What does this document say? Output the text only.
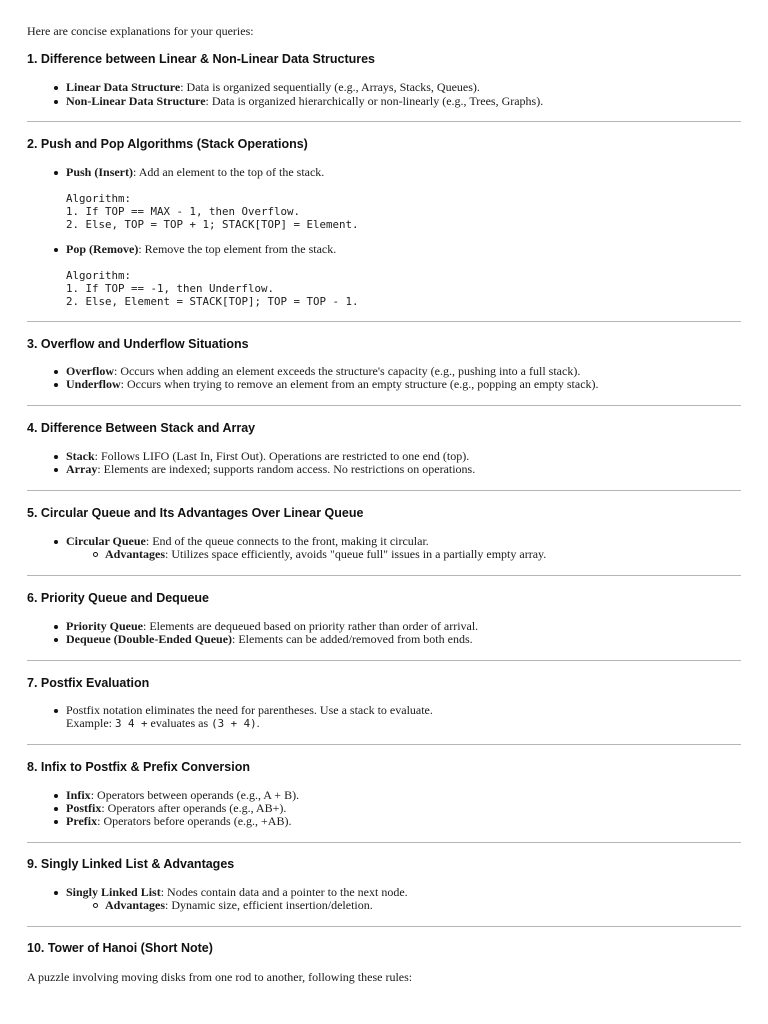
Here are concise explanations for your queries:
1. Difference between Linear & Non-Linear Data Structures
Linear Data Structure: Data is organized sequentially (e.g., Arrays, Stacks, Queues).
Non-Linear Data Structure: Data is organized hierarchically or non-linearly (e.g., Trees, Graphs).
2. Push and Pop Algorithms (Stack Operations)
Push (Insert): Add an element to the top of the stack.
Algorithm:
1. If TOP == MAX - 1, then Overflow.
2. Else, TOP = TOP + 1; STACK[TOP] = Element.
Pop (Remove): Remove the top element from the stack.
Algorithm:
1. If TOP == -1, then Underflow.
2. Else, Element = STACK[TOP]; TOP = TOP - 1.
3. Overflow and Underflow Situations
Overflow: Occurs when adding an element exceeds the structure's capacity (e.g., pushing into a full stack).
Underflow: Occurs when trying to remove an element from an empty structure (e.g., popping an empty stack).
4. Difference Between Stack and Array
Stack: Follows LIFO (Last In, First Out). Operations are restricted to one end (top).
Array: Elements are indexed; supports random access. No restrictions on operations.
5. Circular Queue and Its Advantages Over Linear Queue
Circular Queue: End of the queue connects to the front, making it circular.
Advantages: Utilizes space efficiently, avoids "queue full" issues in a partially empty array.
6. Priority Queue and Dequeue
Priority Queue: Elements are dequeued based on priority rather than order of arrival.
Dequeue (Double-Ended Queue): Elements can be added/removed from both ends.
7. Postfix Evaluation
Postfix notation eliminates the need for parentheses. Use a stack to evaluate.
Example: 3 4 + evaluates as (3 + 4).
8. Infix to Postfix & Prefix Conversion
Infix: Operators between operands (e.g., A + B).
Postfix: Operators after operands (e.g., AB+).
Prefix: Operators before operands (e.g., +AB).
9. Singly Linked List & Advantages
Singly Linked List: Nodes contain data and a pointer to the next node.
Advantages: Dynamic size, efficient insertion/deletion.
10. Tower of Hanoi (Short Note)
A puzzle involving moving disks from one rod to another, following these rules:
